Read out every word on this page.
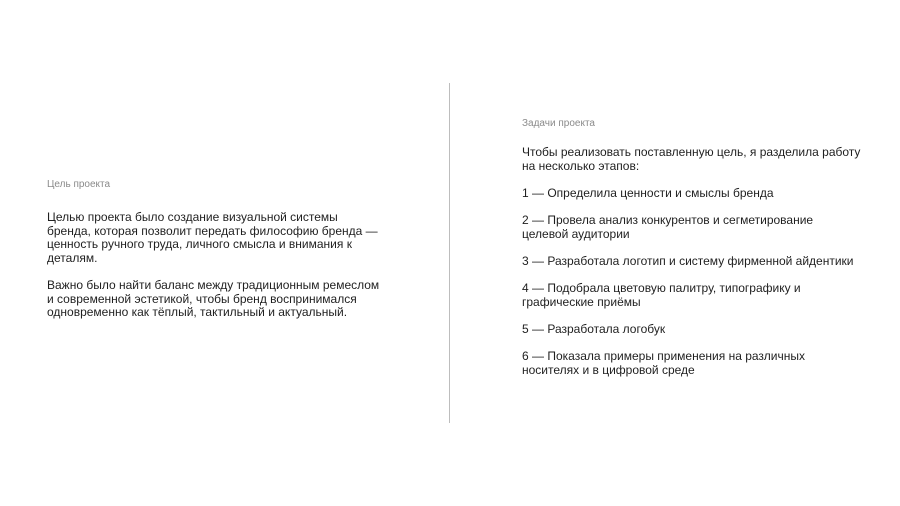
Цель проекта

Целью проекта было создание визуальной системы бренда, которая позволит передать философию бренда — ценность ручного труда, личного смысла и внимания к деталям.

Важно было найти баланс между традиционным ремеслом и современной эстетикой, чтобы бренд воспринимался одновременно как тёплый, тактильный и актуальный.

Задачи проекта

Чтобы реализовать поставленную цель, я разделила работу на несколько этапов:

1 — Определила ценности и смыслы бренда

2 — Провела анализ конкурентов и сегметирование целевой аудитории

3 — Разработала логотип и систему фирменной айдентики

4 — Подобрала цветовую палитру, типографику и графические приёмы

5 — Разработала логобук

6 — Показала примеры применения на различных носителях и в цифровой среде
